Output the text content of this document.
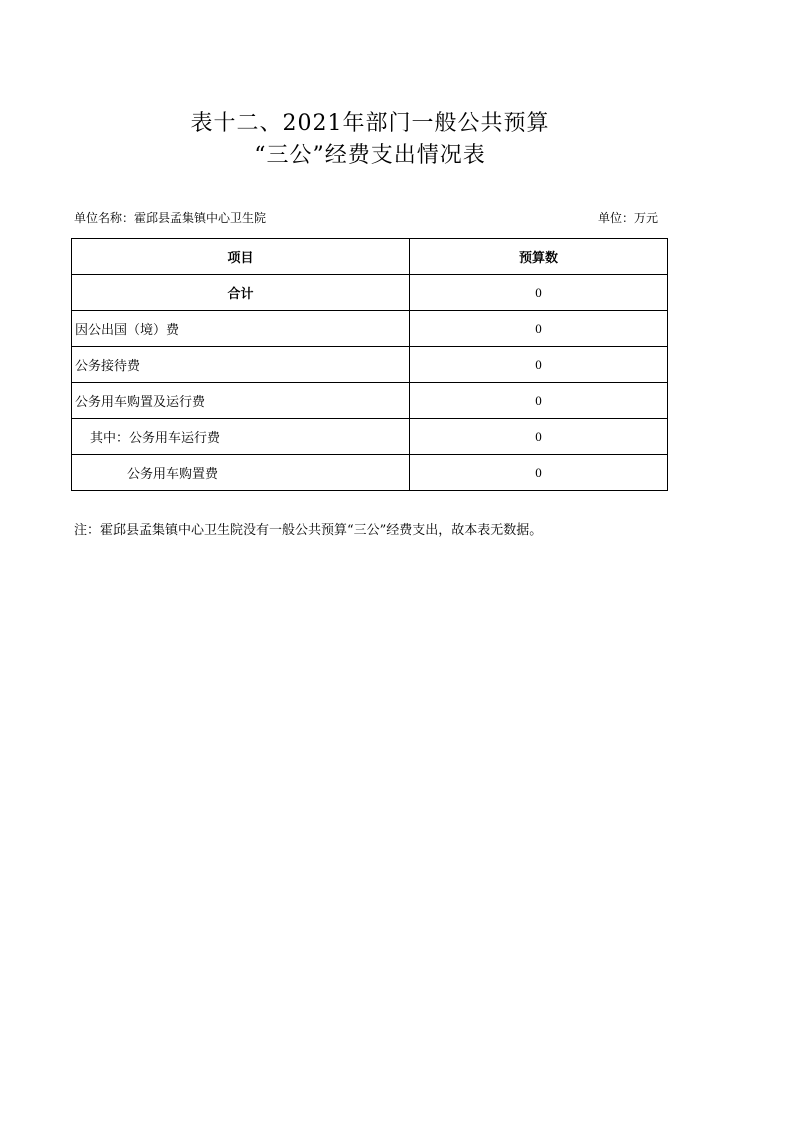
表十二、2021年部门一般公共预算
“三公”经费支出情况表
单位名称：霍邱县孟集镇中心卫生院	单位：万元
项目	预算数
合计	0
因公出国（境）费	0
公务接待费	0
公务用车购置及运行费	0
其中：公务用车运行费	0
公务用车购置费	0
注：霍邱县孟集镇中心卫生院没有一般公共预算“三公”经费支出，故本表无数据。
